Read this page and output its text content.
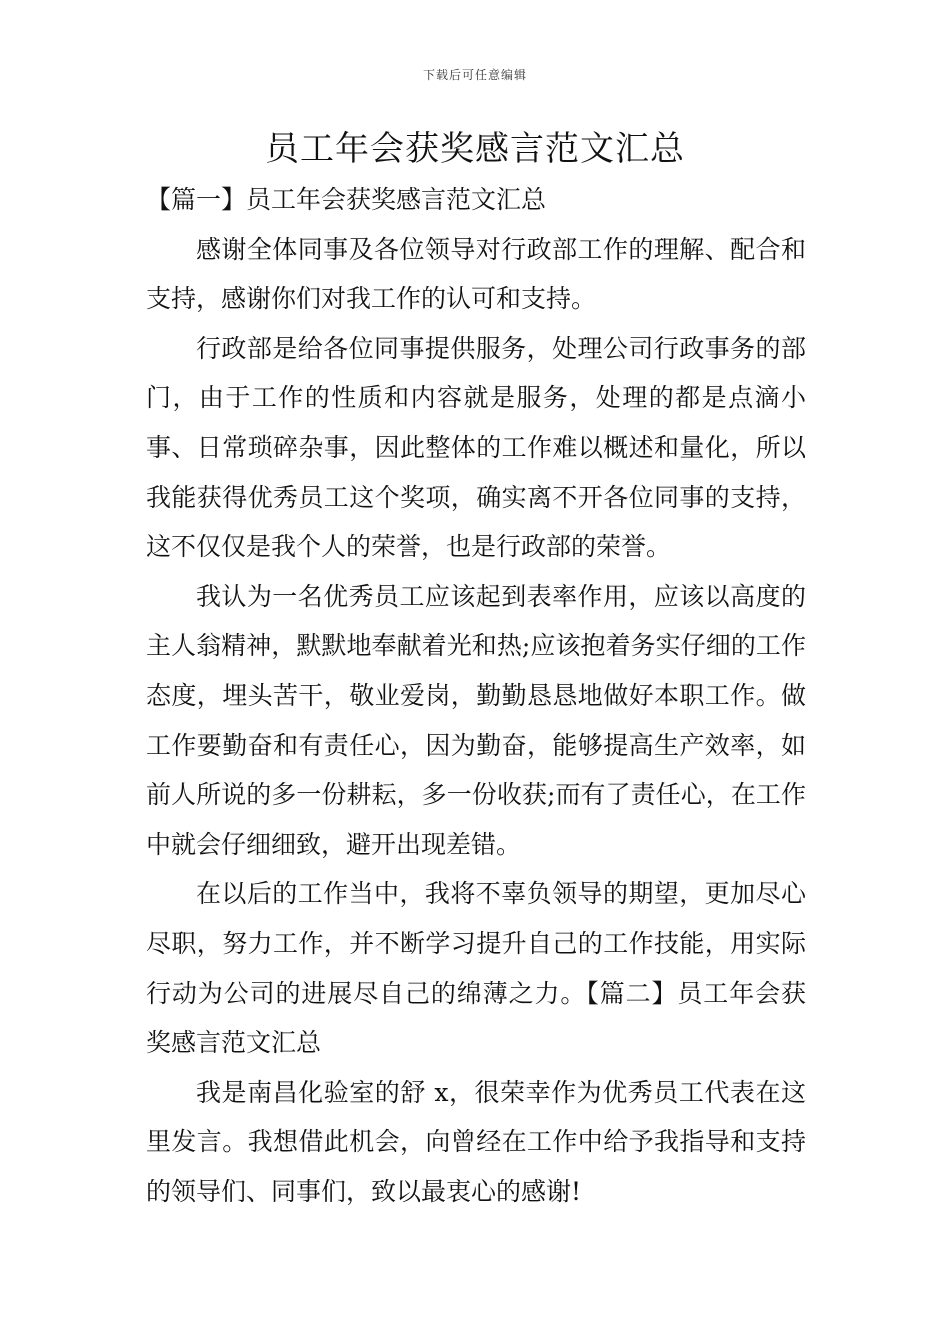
下载后可任意编辑
员工年会获奖感言范文汇总

【篇一】员工年会获奖感言范文汇总

感谢全体同事及各位领导对行政部工作的理解、配合和支持，感谢你们对我工作的认可和支持。

行政部是给各位同事提供服务，处理公司行政事务的部门，由于工作的性质和内容就是服务，处理的都是点滴小事、日常琐碎杂事，因此整体的工作难以概述和量化，所以我能获得优秀员工这个奖项，确实离不开各位同事的支持，这不仅仅是我个人的荣誉，也是行政部的荣誉。

我认为一名优秀员工应该起到表率作用，应该以高度的主人翁精神，默默地奉献着光和热;应该抱着务实仔细的工作态度，埋头苦干，敬业爱岗，勤勤恳恳地做好本职工作。做工作要勤奋和有责任心，因为勤奋，能够提高生产效率，如前人所说的多一份耕耘，多一份收获;而有了责任心，在工作中就会仔细细致，避开出现差错。

在以后的工作当中，我将不辜负领导的期望，更加尽心尽职，努力工作，并不断学习提升自己的工作技能，用实际行动为公司的进展尽自己的绵薄之力。【篇二】员工年会获奖感言范文汇总

我是南昌化验室的舒 x，很荣幸作为优秀员工代表在这里发言。我想借此机会，向曾经在工作中给予我指导和支持的领导们、同事们，致以最衷心的感谢!
